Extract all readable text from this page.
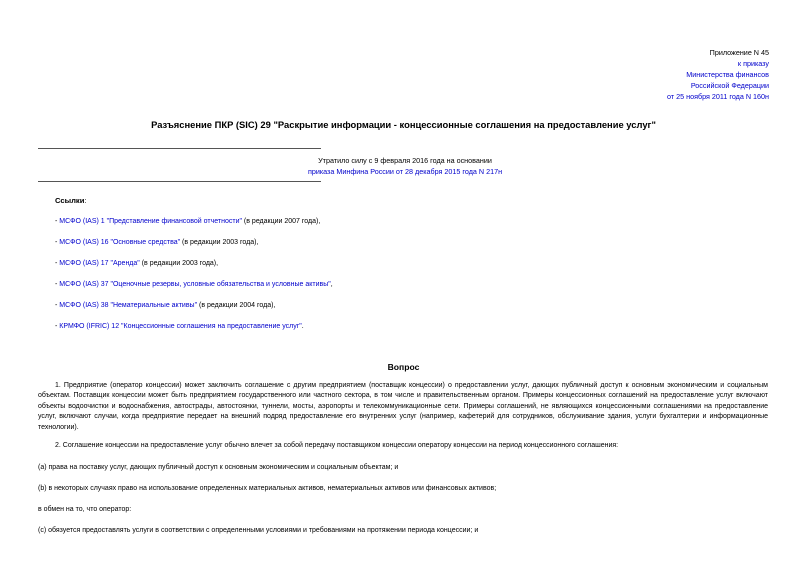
Приложение N 45
к приказу
Министерства финансов
Российской Федерации
от 25 ноября 2011 года N 160н
Разъяснение ПКР (SIC) 29 "Раскрытие информации - концессионные соглашения на предоставление услуг"
Утратило силу с 9 февраля 2016 года на основании
приказа Минфина России от 28 декабря 2015 года N 217н
Ссылки:
- МСФО (IAS) 1 "Представление финансовой отчетности" (в редакции 2007 года),
- МСФО (IAS) 16 "Основные средства" (в редакции 2003 года),
- МСФО (IAS) 17 "Аренда" (в редакции 2003 года),
- МСФО (IAS) 37 "Оценочные резервы, условные обязательства и условные активы",
- МСФО (IAS) 38 "Нематериальные активы" (в редакции 2004 года),
- КРМФО (IFRIC) 12 "Концессионные соглашения на предоставление услуг".
Вопрос
1. Предприятие (оператор концессии) может заключить соглашение с другим предприятием (поставщик концессии) о предоставлении услуг, дающих публичный доступ к основным экономическим и социальным объектам. Поставщик концессии может быть предприятием государственного или частного сектора, в том числе и правительственным органом. Примеры концессионных соглашений на предоставление услуг включают объекты водоочистки и водоснабжения, автострады, автостоянки, туннели, мосты, аэропорты и телекоммуникационные сети. Примеры соглашений, не являющихся концессионными соглашениями на предоставление услуг, включают случаи, когда предприятие передает на внешний подряд предоставление его внутренних услуг (например, кафетерий для сотрудников, обслуживание здания, услуги бухгалтерии и информационные технологии).
2. Соглашение концессии на предоставление услуг обычно влечет за собой передачу поставщиком концессии оператору концессии на период концессионного соглашения:
(a) права на поставку услуг, дающих публичный доступ к основным экономическим и социальным объектам; и
(b) в некоторых случаях право на использование определенных материальных активов, нематериальных активов или финансовых активов;
в обмен на то, что оператор:
(c) обязуется предоставлять услуги в соответствии с определенными условиями и требованиями на протяжении периода концессии; и
